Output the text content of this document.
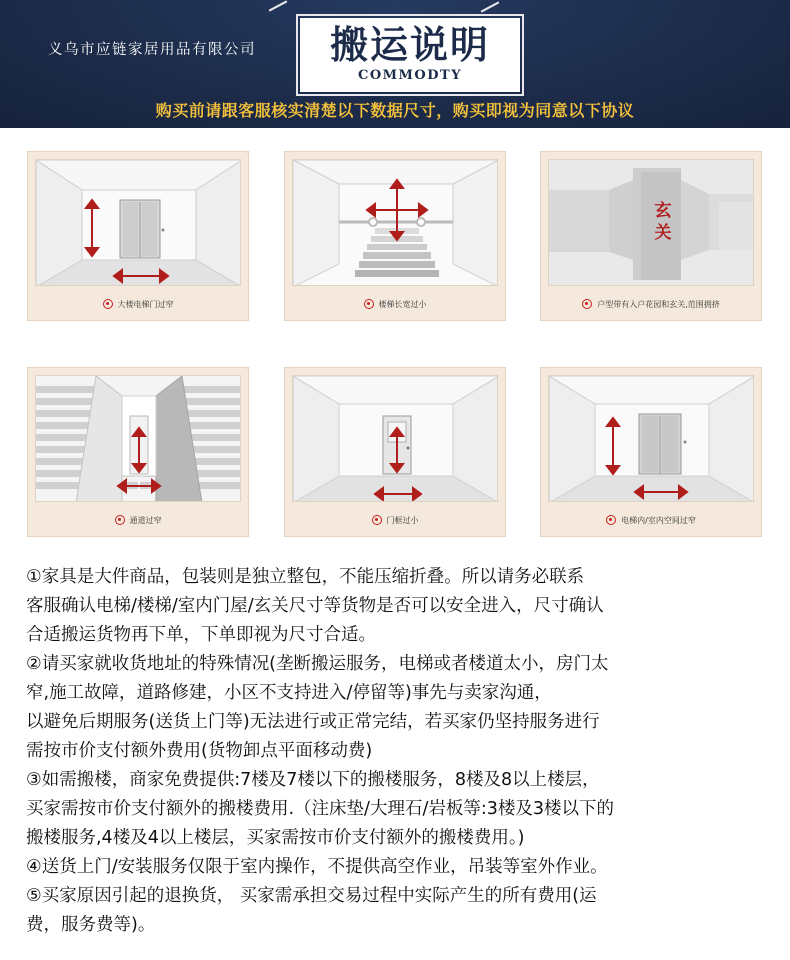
义乌市应链家居用品有限公司	搬运说明
COMMODTY
购买前请跟客服核实清楚以下数据尺寸，购买即视为同意以下协议
大楼电梯门过窄	楼梯长宽过小
玄关
户型带有入户花园和玄关,范围拥挤
通道过窄	门框过小	电梯内/室内空间过窄
①家具是大件商品，包装则是独立整包，不能压缩折叠。所以请务必联系
客服确认电梯/楼梯/室内门屋/玄关尺寸等货物是否可以安全进入，尺寸确认
合适搬运货物再下单，下单即视为尺寸合适。
②请买家就收货地址的特殊情况(垄断搬运服务，电梯或者楼道太小，房门太
窄,施工故障，道路修建，小区不支持进入/停留等)事先与卖家沟通，
以避免后期服务(送货上门等)无法进行或正常完结，若买家仍坚持服务进行
需按市价支付额外费用(货物卸点平面移动费)
③如需搬楼，商家免费提供:7楼及7楼以下的搬楼服务，8楼及8以上楼层，
买家需按市价支付额外的搬楼费用.（注床垫/大理石/岩板等:3楼及3楼以下的
搬楼服务,4楼及4以上楼层，买家需按市价支付额外的搬楼费用。)
④送货上门/安装服务仅限于室内操作，不提供高空作业，吊装等室外作业。
⑤买家原因引起的退换货， 买家需承担交易过程中实际产生的所有费用(运
费，服务费等)。
